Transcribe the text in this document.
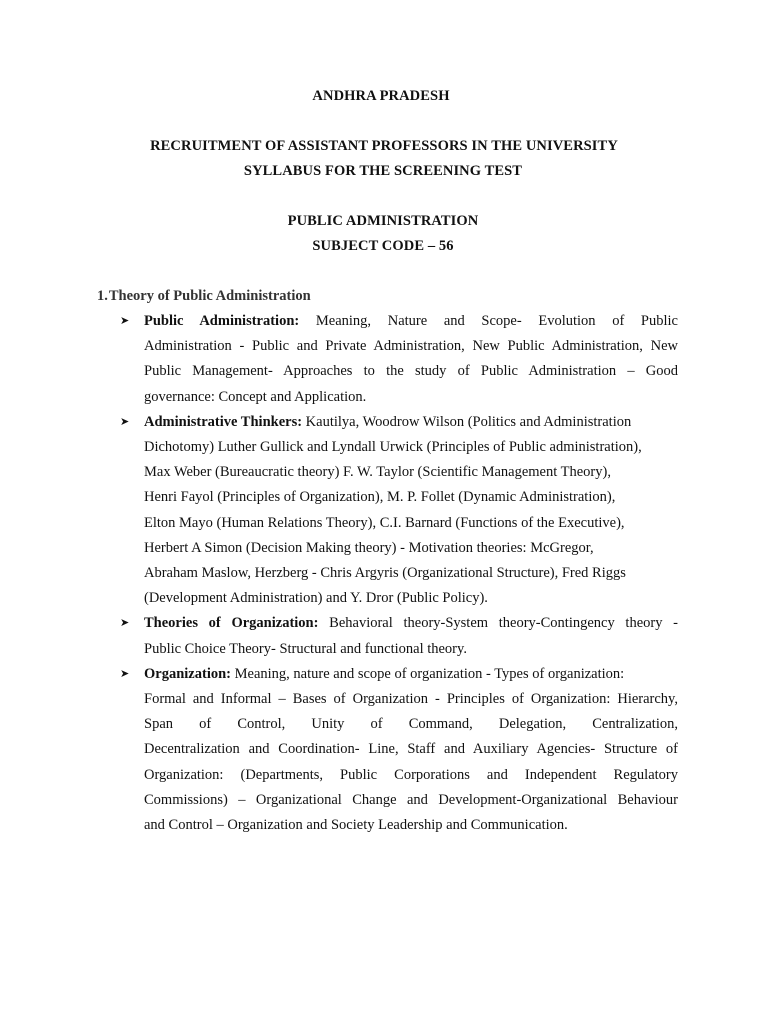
ANDHRA PRADESH
RECRUITMENT OF ASSISTANT PROFESSORS IN THE UNIVERSITY
SYLLABUS FOR THE SCREENING TEST
PUBLIC ADMINISTRATION
SUBJECT CODE – 56
1.Theory of Public Administration
➤ Public Administration: Meaning, Nature and Scope- Evolution of Public
Administration - Public and Private Administration, New Public Administration, New
Public Management- Approaches to the study of Public Administration – Good
governance: Concept and Application.
➤ Administrative Thinkers: Kautilya, Woodrow Wilson (Politics and Administration
Dichotomy) Luther Gullick and Lyndall Urwick (Principles of Public administration),
Max Weber (Bureaucratic theory) F. W. Taylor (Scientific Management Theory),
Henri Fayol (Principles of Organization), M. P. Follet (Dynamic Administration),
Elton Mayo (Human Relations Theory), C.I. Barnard (Functions of the Executive),
Herbert A Simon (Decision Making theory) - Motivation theories: McGregor,
Abraham Maslow, Herzberg - Chris Argyris (Organizational Structure), Fred Riggs
(Development Administration) and Y. Dror (Public Policy).
➤ Theories of Organization: Behavioral theory-System theory-Contingency theory -
Public Choice Theory- Structural and functional theory.
➤ Organization: Meaning, nature and scope of organization - Types of organization:
Formal and Informal – Bases of Organization - Principles of Organization: Hierarchy,
Span of Control, Unity of Command, Delegation, Centralization,
Decentralization and Coordination- Line, Staff and Auxiliary Agencies- Structure of
Organization: (Departments, Public Corporations and Independent Regulatory
Commissions) – Organizational Change and Development-Organizational Behaviour
and Control – Organization and Society Leadership and Communication.
